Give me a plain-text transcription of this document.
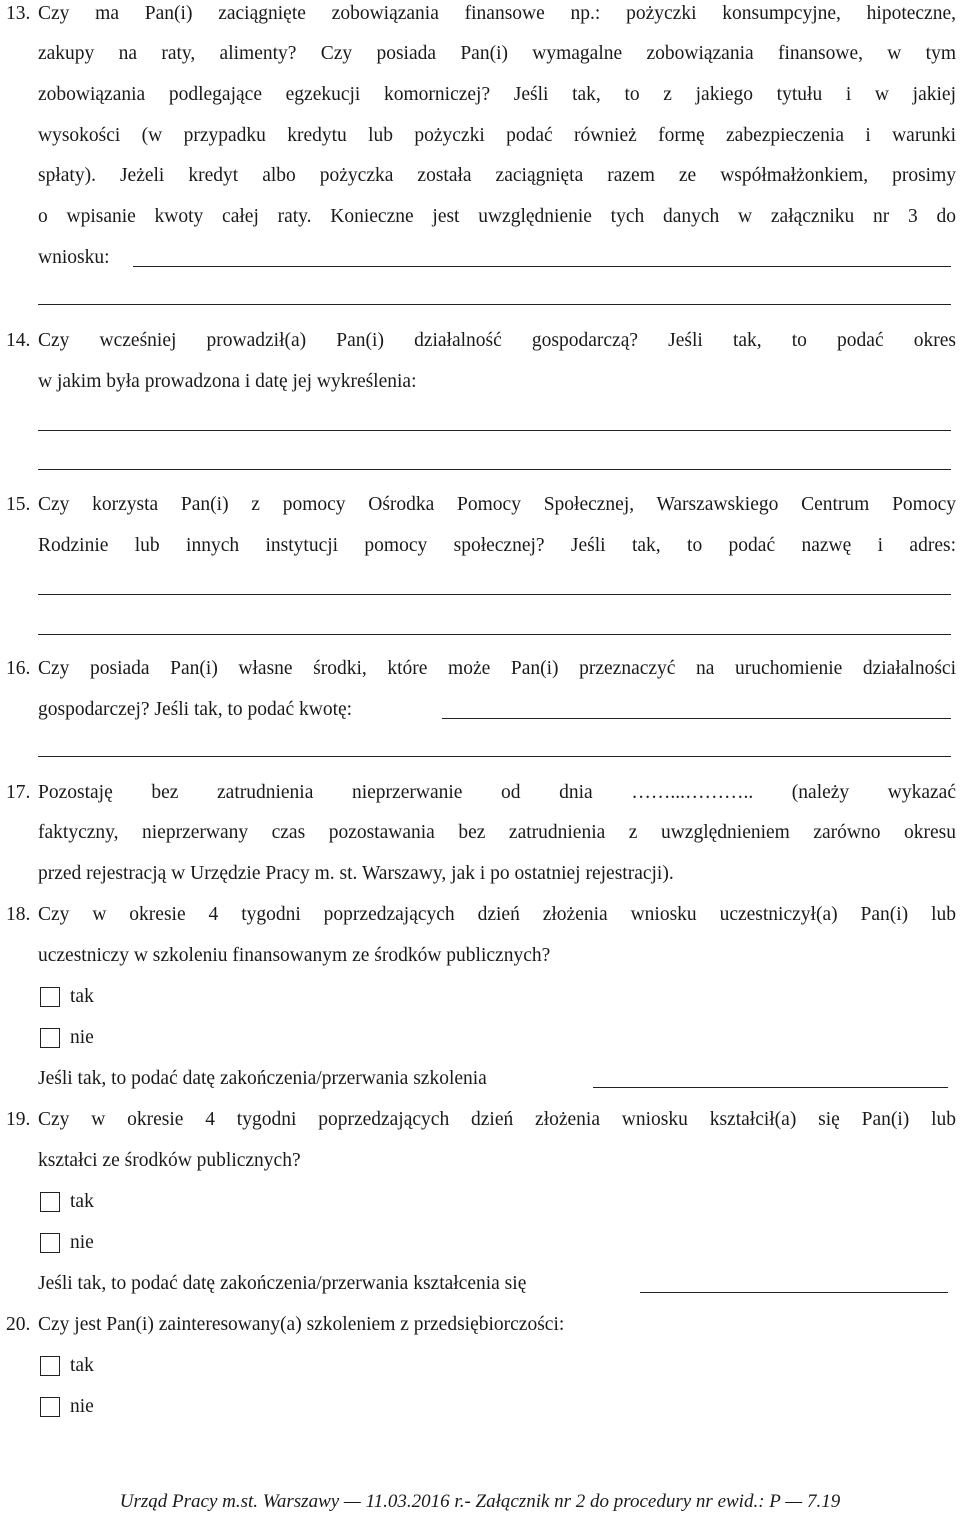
13. Czy ma Pan(i) zaciągnięte zobowiązania finansowe np.: pożyczki konsumpcyjne, hipoteczne,
zakupy na raty, alimenty? Czy posiada Pan(i) wymagalne zobowiązania finansowe, w tym
zobowiązania podlegające egzekucji komorniczej? Jeśli tak, to z jakiego tytułu i w jakiej
wysokości (w przypadku kredytu lub pożyczki podać również formę zabezpieczenia i warunki
spłaty). Jeżeli kredyt albo pożyczka została zaciągnięta razem ze współmałżonkiem, prosimy
o wpisanie kwoty całej raty. Konieczne jest uwzględnienie tych danych w załączniku nr 3 do
wniosku:
14. Czy wcześniej prowadził(a) Pan(i) działalność gospodarczą? Jeśli tak, to podać okres
w jakim była prowadzona i datę jej wykreślenia:
15. Czy korzysta Pan(i) z pomocy Ośrodka Pomocy Społecznej, Warszawskiego Centrum Pomocy
Rodzinie lub innych instytucji pomocy społecznej? Jeśli tak, to podać nazwę i adres:
16. Czy posiada Pan(i) własne środki, które może Pan(i) przeznaczyć na uruchomienie działalności
gospodarczej? Jeśli tak, to podać kwotę:
17. Pozostaję bez zatrudnienia nieprzerwanie od dnia ……...……….. (należy wykazać
faktyczny, nieprzerwany czas pozostawania bez zatrudnienia z uwzględnieniem zarówno okresu
przed rejestracją w Urzędzie Pracy m. st. Warszawy, jak i po ostatniej rejestracji).
18. Czy w okresie 4 tygodni poprzedzających dzień złożenia wniosku uczestniczył(a) Pan(i) lub
uczestniczy w szkoleniu finansowanym ze środków publicznych?
tak
nie
Jeśli tak, to podać datę zakończenia/przerwania szkolenia
19. Czy w okresie 4 tygodni poprzedzających dzień złożenia wniosku kształcił(a) się Pan(i) lub
kształci ze środków publicznych?
tak
nie
Jeśli tak, to podać datę zakończenia/przerwania kształcenia się
20. Czy jest Pan(i) zainteresowany(a) szkoleniem z przedsiębiorczości:
tak
nie
Urząd Pracy m.st. Warszawy — 11.03.2016 r.- Załącznik nr 2 do procedury nr ewid.: P — 7.19
